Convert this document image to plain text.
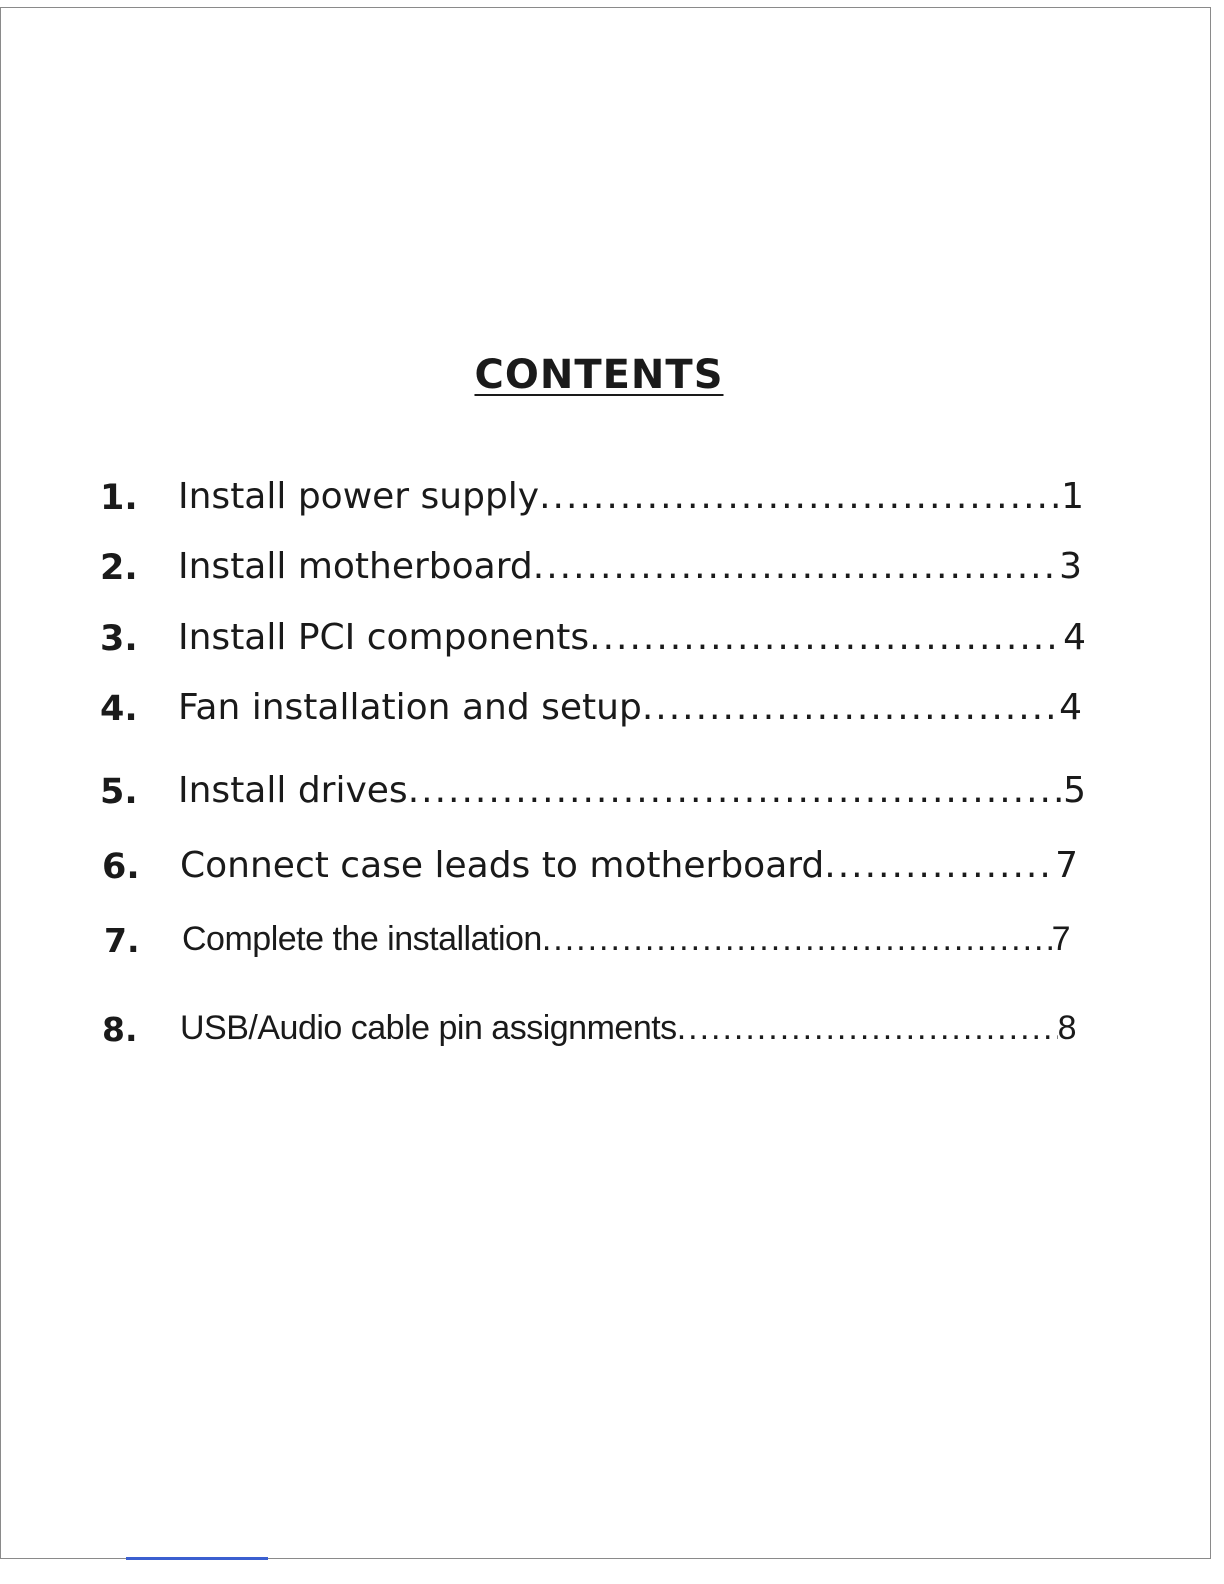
CONTENTS
1. Install power supply .....	1
2. Install motherboard .....	3
3. Install PCI components .....	4
4. Fan installation and setup .....	4
5. Install drives .....	5
6. Connect case leads to motherboard .....	7
7. Complete the installation .....	7
8. USB/Audio cable pin assignments .....	8
